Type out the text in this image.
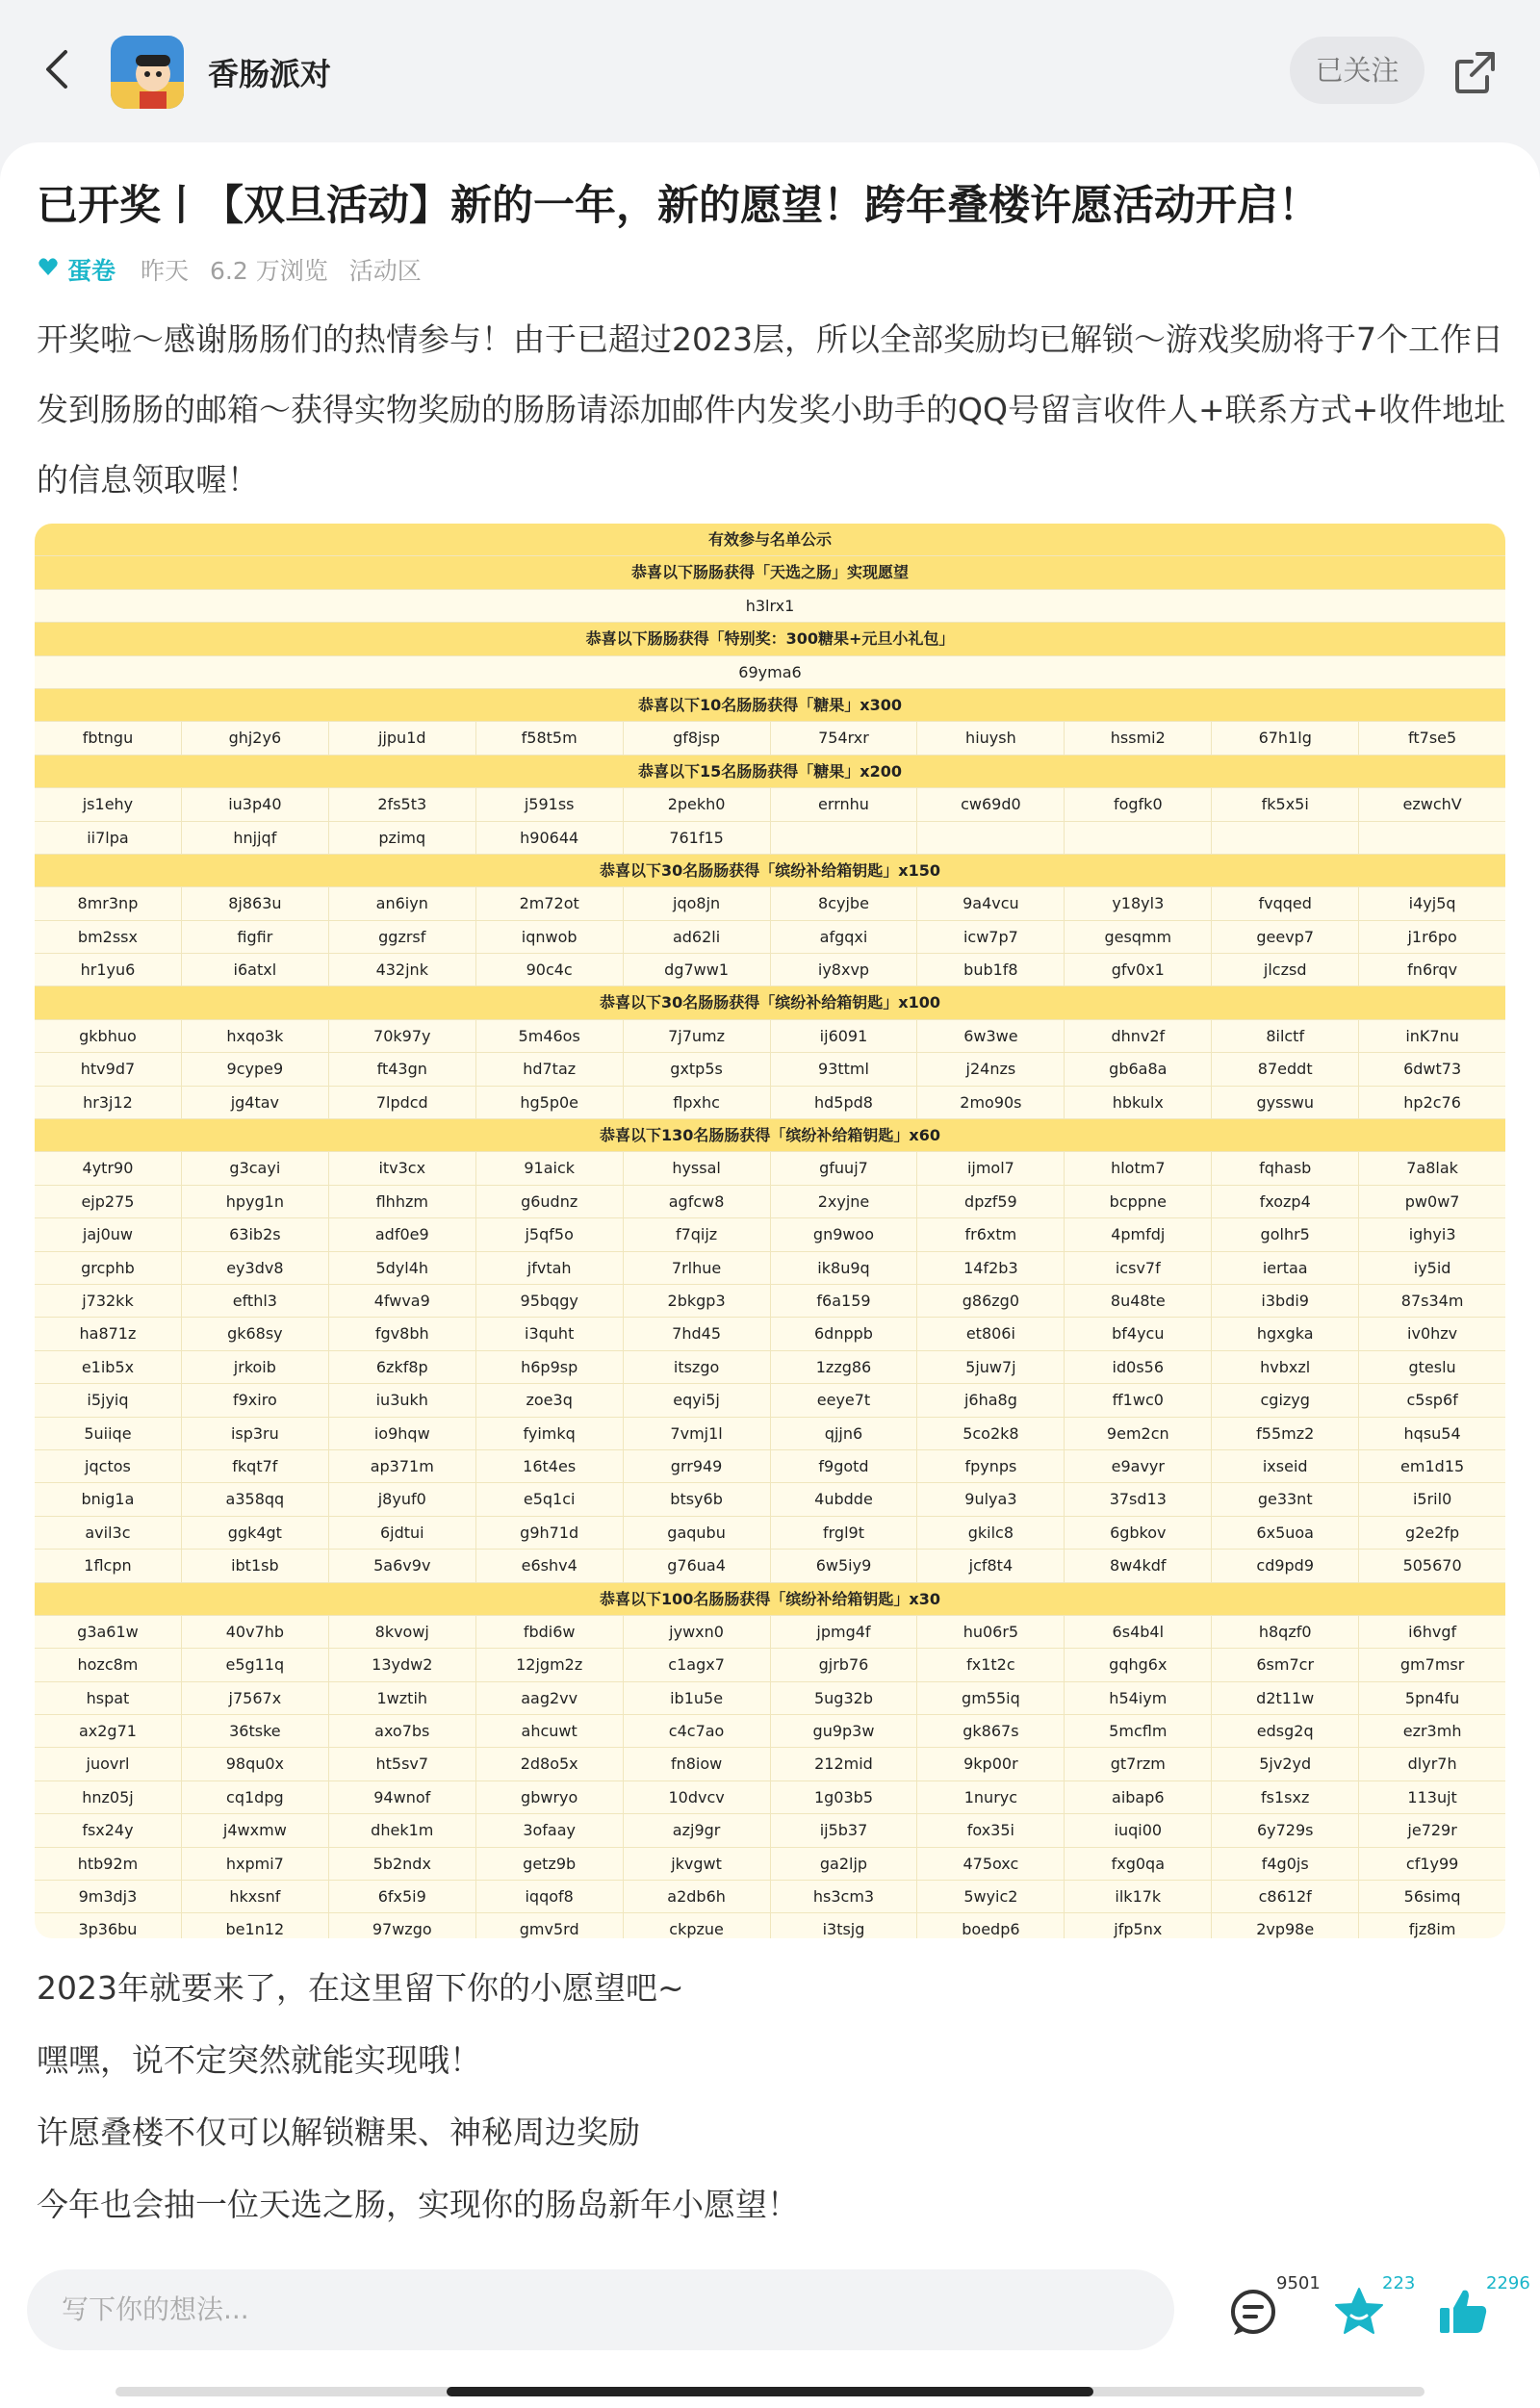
香肠派对	已关注
已开奖丨【双旦活动】新的一年，新的愿望！跨年叠楼许愿活动开启！
蛋卷 昨天 6.2 万浏览 活动区
开奖啦～感谢肠肠们的热情参与！由于已超过2023层，所以全部奖励均已解锁～游戏奖励将于7个工作日发到肠肠的邮箱～获得实物奖励的肠肠请添加邮件内发奖小助手的QQ号留言收件人+联系方式+收件地址的信息领取喔！
有效参与名单公示
恭喜以下肠肠获得「天选之肠」实现愿望
h3lrx1
恭喜以下肠肠获得「特别奖：300糖果+元旦小礼包」
69yma6
恭喜以下10名肠肠获得「糖果」x300
fbtngu	ghj2y6	jjpu1d	f58t5m	gf8jsp	754rxr	hiuysh	hssmi2	67h1lg	ft7se5
恭喜以下15名肠肠获得「糖果」x200
js1ehy	iu3p40	2fs5t3	j591ss	2pekh0	errnhu	cw69d0	fogfk0	fk5x5i	ezwchV
ii7lpa	hnjjqf	pzimq	h90644	761f15
恭喜以下30名肠肠获得「缤纷补给箱钥匙」x150
8mr3np	8j863u	an6iyn	2m72ot	jqo8jn	8cyjbe	9a4vcu	y18yl3	fvqqed	i4yj5q
bm2ssx	figfir	ggzrsf	iqnwob	ad62li	afgqxi	icw7p7	gesqmm	geevp7	j1r6po
hr1yu6	i6atxl	432jnk	90c4c	dg7ww1	iy8xvp	bub1f8	gfv0x1	jlczsd	fn6rqv
恭喜以下30名肠肠获得「缤纷补给箱钥匙」x100
gkbhuo	hxqo3k	70k97y	5m46os	7j7umz	ij6091	6w3we	dhnv2f	8ilctf	inK7nu
htv9d7	9cype9	ft43gn	hd7taz	gxtp5s	93ttml	j24nzs	gb6a8a	87eddt	6dwt73
hr3j12	jg4tav	7lpdcd	hg5p0e	flpxhc	hd5pd8	2mo90s	hbkulx	gysswu	hp2c76
恭喜以下130名肠肠获得「缤纷补给箱钥匙」x60
4ytr90	g3cayi	itv3cx	91aick	hyssal	gfuuj7	ijmol7	hlotm7	fqhasb	7a8lak
ejp275	hpyg1n	flhhzm	g6udnz	agfcw8	2xyjne	dpzf59	bcppne	fxozp4	pw0w7
jaj0uw	63ib2s	adf0e9	j5qf5o	f7qijz	gn9woo	fr6xtm	4pmfdj	golhr5	ighyi3
grcphb	ey3dv8	5dyl4h	jfvtah	7rlhue	ik8u9q	14f2b3	icsv7f	iertaa	iy5id
j732kk	efthl3	4fwva9	95bqgy	2bkgp3	f6a159	g86zg0	8u48te	i3bdi9	87s34m
ha871z	gk68sy	fgv8bh	i3quht	7hd45	6dnppb	et806i	bf4ycu	hgxgka	iv0hzv
e1ib5x	jrkoib	6zkf8p	h6p9sp	itszgo	1zzg86	5juw7j	id0s56	hvbxzl	gteslu
i5jyiq	f9xiro	iu3ukh	zoe3q	eqyi5j	eeye7t	j6ha8g	ff1wc0	cgizyg	c5sp6f
5uiiqe	isp3ru	io9hqw	fyimkq	7vmj1l	qjjn6	5co2k8	9em2cn	f55mz2	hqsu54
jqctos	fkqt7f	ap371m	16t4es	grr949	f9gotd	fpynps	e9avyr	ixseid	em1d15
bnig1a	a358qq	j8yuf0	e5q1ci	btsy6b	4ubdde	9ulya3	37sd13	ge33nt	i5ril0
avil3c	ggk4gt	6jdtui	g9h71d	gaqubu	frgl9t	gkilc8	6gbkov	6x5uoa	g2e2fp
1flcpn	ibt1sb	5a6v9v	e6shv4	g76ua4	6w5iy9	jcf8t4	8w4kdf	cd9pd9	505670
恭喜以下100名肠肠获得「缤纷补给箱钥匙」x30
g3a61w	40v7hb	8kvowj	fbdi6w	jywxn0	jpmg4f	hu06r5	6s4b4l	h8qzf0	i6hvgf
hozc8m	e5g11q	13ydw2	12jgm2z	c1agx7	gjrb76	fx1t2c	gqhg6x	6sm7cr	gm7msr
hspat	j7567x	1wztih	aag2vv	ib1u5e	5ug32b	gm55iq	h54iym	d2t11w	5pn4fu
ax2g71	36tske	axo7bs	ahcuwt	c4c7ao	gu9p3w	gk867s	5mcflm	edsg2q	ezr3mh
juovrl	98qu0x	ht5sv7	2d8o5x	fn8iow	212mid	9kp00r	gt7rzm	5jv2yd	dlyr7h
hnz05j	cq1dpg	94wnof	gbwryo	10dvcv	1g03b5	1nuryc	aibap6	fs1sxz	113ujt
fsx24y	j4wxmw	dhek1m	3ofaay	azj9gr	ij5b37	fox35i	iuqi00	6y729s	je729r
htb92m	hxpmi7	5b2ndx	getz9b	jkvgwt	ga2ljp	475oxc	fxg0qa	f4g0js	cf1y99
9m3dj3	hkxsnf	6fx5i9	iqqof8	a2db6h	hs3cm3	5wyic2	ilk17k	c8612f	56simq
3p36bu	be1n12	97wzgo	gmv5rd	ckpzue	i3tsjg	boedp6	jfp5nx	2vp98e	fjz8im
2023年就要来了，在这里留下你的小愿望吧~
嘿嘿，说不定突然就能实现哦！
许愿叠楼不仅可以解锁糖果、神秘周边奖励
今年也会抽一位天选之肠，实现你的肠岛新年小愿望！
写下你的想法...
9501	223	2296
